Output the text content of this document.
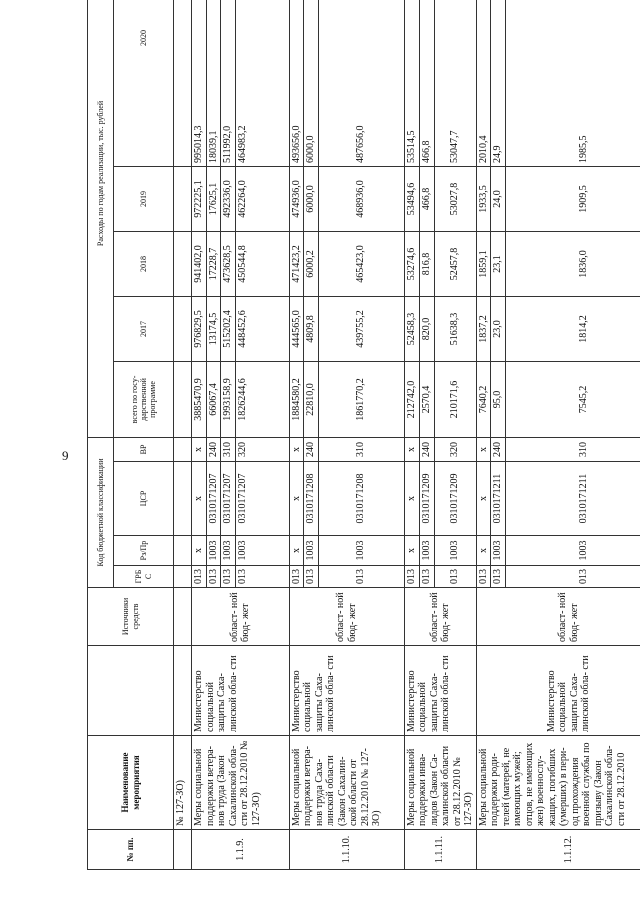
9
№ пп.	Наименование мероприятия		Источники средств	Код бюджетной классификации				Расходы по годам реализации, тыс. рублей				
				ГРБ С	Рз/Пр	ЦСР	ВР	всего по госу- дарственной программе	2017	2018	2019	2020
	№ 127-ЗО)											
1.1.9.	Меры социальной поддержки ветера- нов труда (Закон Сахалинской обла- сти от 28.12.2010 № 127-ЗО)	Министерство социальной защиты Саха- линской обла- сти	област- ной бюд- жет	013	x	x	x	3885470,9	976829,5	941402,0	972225,1	995014,3
				013	1003	0310171207	240	66067,4	13174,5	17228,7	17625,1	18039,1
				013	1003	0310171207	310	1993158,9	515202,4	473628,5	492336,0	511992,0
				013	1003	0310171207	320	1826244,6	448452,6	450544,8	462264,0	464983,2
1.1.10.	Меры социальной поддержки ветера- нов труда Саха- линской области (Закон Сахалин- ской области от 28.12.2010 № 127-ЗО)	Министерство социальной защиты Саха- линской обла- сти	област- ной бюд- жет	013	x	x	x	1884580,2	444565,0	471423,2	474936,0	493656,0
				013	1003	0310171208	240	22810,0	4809,8	6000,2	6000,0	6000,0
				013	1003	0310171208	310	1861770,2	439755,2	465423,0	468936,0	487656,0
1.1.11.	Меры социальной поддержки инва- лидов (Закон Са- халинской области от 28.12.2010 № 127-ЗО)	Министерство социальной защиты Саха- линской обла- сти	област- ной бюд- жет	013	x	x	x	212742,0	52458,3	53274,6	53494,6	53514,5
				013	1003	0310171209	240	2570,4	820,0	816,8	466,8	466,8
				013	1003	0310171209	320	210171,6	51638,3	52457,8	53027,8	53047,7
1.1.12.	Меры социальной поддержки роди- телей (матерей, не имеющих мужей; отцов, не имеющих жен) военнослу- жащих, погибших (умерших) в пери- од прохождения военной службы по призыву (Закон Сахалинской обла- сти от 28.12.2010	Министерство социальной защиты Саха- линской обла- сти	област- ной бюд- жет	013	x	x	x	7640,2	1837,2	1859,1	1933,5	2010,4
				013	1003	0310171211	240	95,0	23,0	23,1	24,0	24,9
				013	1003	0310171211	310	7545,2	1814,2	1836,0	1909,5	1985,5
